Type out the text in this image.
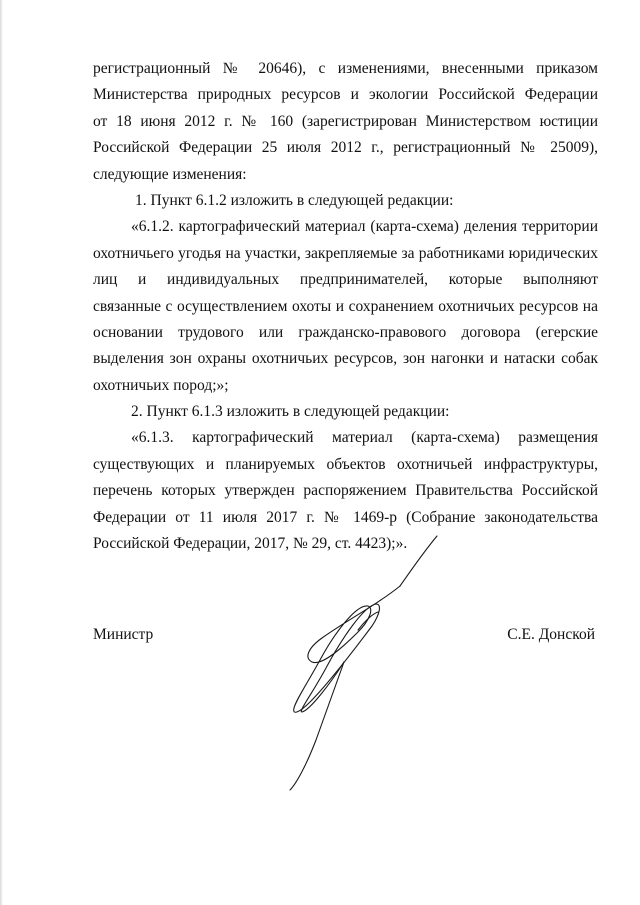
регистрационный № 20646), с изменениями, внесенными приказом
Министерства природных ресурсов и экологии Российской Федерации
от 18 июня 2012 г. № 160 (зарегистрирован Министерством юстиции
Российской Федерации 25 июля 2012 г., регистрационный № 25009),
следующие изменения:
1. Пункт 6.1.2 изложить в следующей редакции:
«6.1.2. картографический материал (карта-схема) деления территории
охотничьего угодья на участки, закрепляемые за работниками юридических
лиц и индивидуальных предпринимателей, которые выполняют
связанные с осуществлением охоты и сохранением охотничьих ресурсов на
основании трудового или гражданско-правового договора (егерские
выделения зон охраны охотничьих ресурсов, зон нагонки и натаски собак
охотничьих пород;»;
2. Пункт 6.1.3 изложить в следующей редакции:
«6.1.3. картографический материал (карта-схема) размещения
существующих и планируемых объектов охотничьей инфраструктуры,
перечень которых утвержден распоряжением Правительства Российской
Федерации от 11 июля 2017 г. № 1469-р (Собрание законодательства
Российской Федерации, 2017, № 29, ст. 4423);».
Министр	С.Е. Донской
